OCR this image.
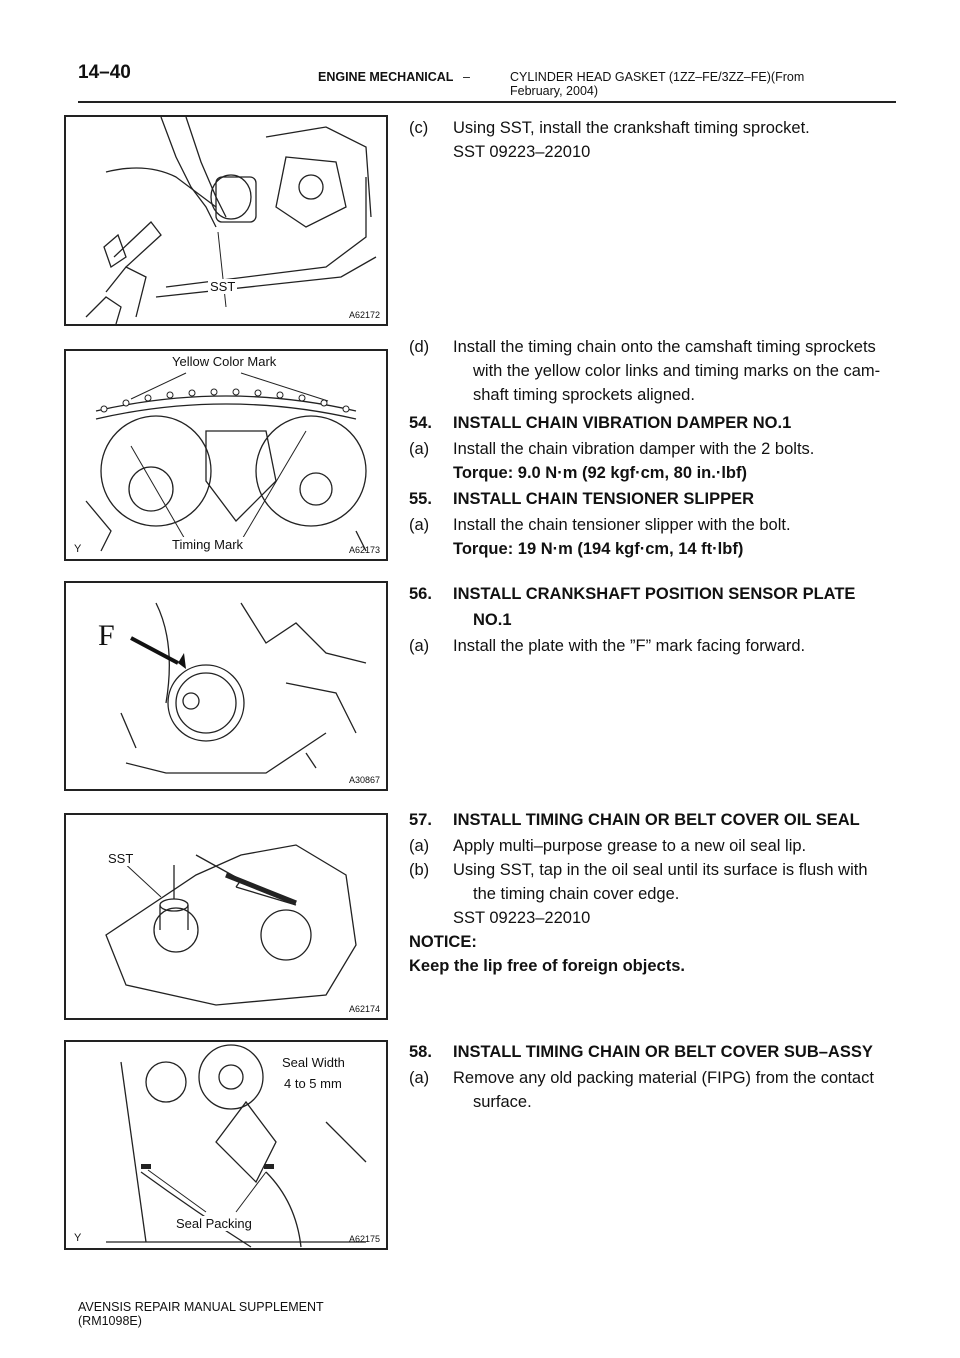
14–40	ENGINE MECHANICAL –	CYLINDER HEAD GASKET (1ZZ–FE/3ZZ–FE)(From February, 2004)
SST
A62172
Yellow Color Mark
Timing Mark
Y	A62173
F
A30867
SST
A62174
Seal Width
4 to 5 mm
Seal Packing
Y	A62175
(c) Using SST, install the crankshaft timing sprocket.
SST 09223–22010
(d) Install the timing chain onto the camshaft timing sprockets
with the yellow color links and timing marks on the cam-
shaft timing sprockets aligned.
54. INSTALL CHAIN VIBRATION DAMPER NO.1
(a) Install the chain vibration damper with the 2 bolts.
Torque: 9.0 N·m (92 kgf·cm, 80 in.·lbf)
55. INSTALL CHAIN TENSIONER SLIPPER
(a) Install the chain tensioner slipper with the bolt.
Torque: 19 N·m (194 kgf·cm, 14 ft·lbf)
56. INSTALL CRANKSHAFT POSITION SENSOR PLATE
NO.1
(a) Install the plate with the ”F” mark facing forward.
57. INSTALL TIMING CHAIN OR BELT COVER OIL SEAL
(a) Apply multi–purpose grease to a new oil seal lip.
(b) Using SST, tap in the oil seal until its surface is flush with
the timing chain cover edge.
SST 09223–22010
NOTICE:
Keep the lip free of foreign objects.
58. INSTALL TIMING CHAIN OR BELT COVER SUB–ASSY
(a) Remove any old packing material (FIPG) from the contact
surface.
AVENSIS REPAIR MANUAL SUPPLEMENT
(RM1098E)
